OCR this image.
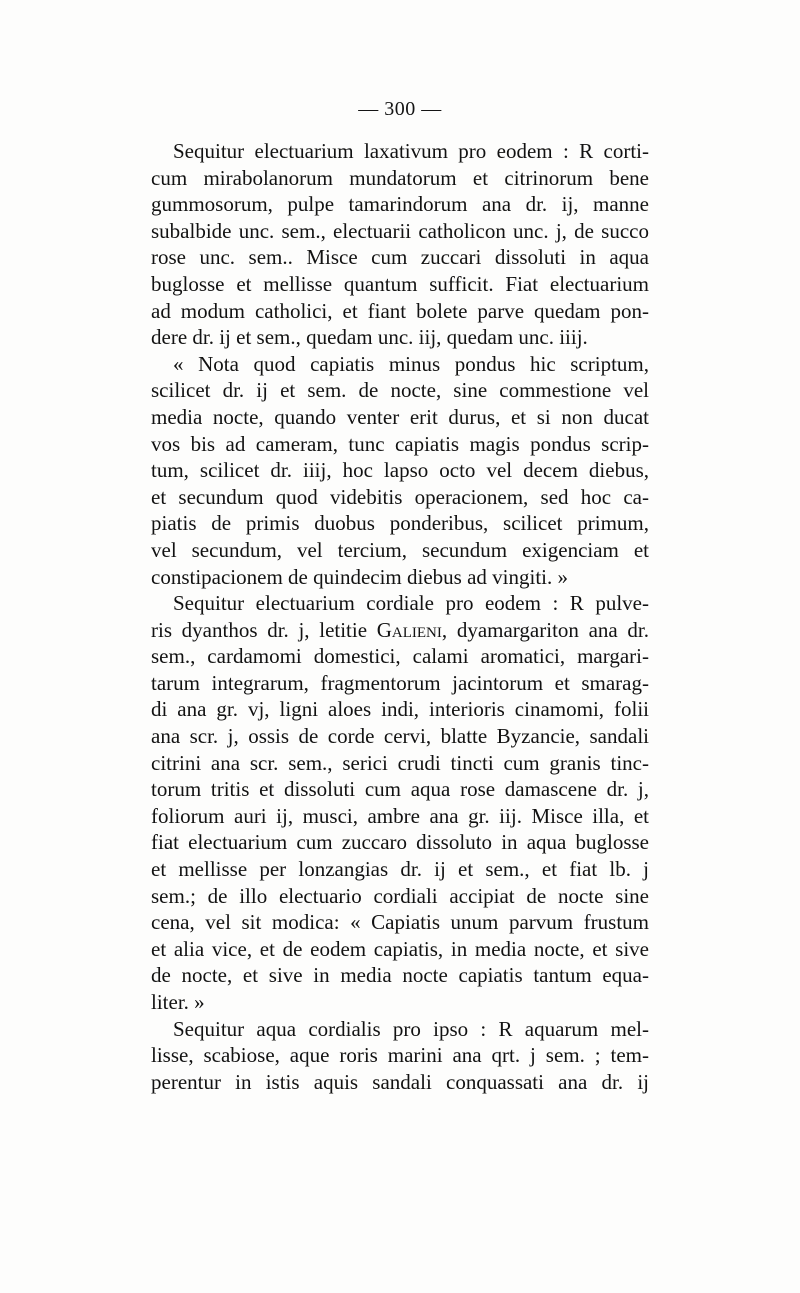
— 300 —
Sequitur electuarium laxativum pro eodem : R corti-
cum mirabolanorum mundatorum et citrinorum bene
gummosorum, pulpe tamarindorum ana dr. ij, manne
subalbide unc. sem., electuarii catholicon unc. j, de succo
rose unc. sem.. Misce cum zuccari dissoluti in aqua
buglosse et mellisse quantum sufficit. Fiat electuarium
ad modum catholici, et fiant bolete parve quedam pon-
dere dr. ij et sem., quedam unc. iij, quedam unc. iiij.
« Nota quod capiatis minus pondus hic scriptum,
scilicet dr. ij et sem. de nocte, sine commestione vel
media nocte, quando venter erit durus, et si non ducat
vos bis ad cameram, tunc capiatis magis pondus scrip-
tum, scilicet dr. iiij, hoc lapso octo vel decem diebus,
et secundum quod videbitis operacionem, sed hoc ca-
piatis de primis duobus ponderibus, scilicet primum,
vel secundum, vel tercium, secundum exigenciam et
constipacionem de quindecim diebus ad vingiti. »
Sequitur electuarium cordiale pro eodem : R pulve-
ris dyanthos dr. j, letitie Galieni, dyamargariton ana dr.
sem., cardamomi domestici, calami aromatici, margari-
tarum integrarum, fragmentorum jacintorum et smarag-
di ana gr. vj, ligni aloes indi, interioris cinamomi, folii
ana scr. j, ossis de corde cervi, blatte Byzancie, sandali
citrini ana scr. sem., serici crudi tincti cum granis tinc-
torum tritis et dissoluti cum aqua rose damascene dr. j,
foliorum auri ij, musci, ambre ana gr. iij. Misce illa, et
fiat electuarium cum zuccaro dissoluto in aqua buglosse
et mellisse per lonzangias dr. ij et sem., et fiat lb. j
sem.; de illo electuario cordiali accipiat de nocte sine
cena, vel sit modica: « Capiatis unum parvum frustum
et alia vice, et de eodem capiatis, in media nocte, et sive
de nocte, et sive in media nocte capiatis tantum equa-
liter. »
Sequitur aqua cordialis pro ipso : R aquarum mel-
lisse, scabiose, aque roris marini ana qrt. j sem. ; tem-
perentur in istis aquis sandali conquassati ana dr. ij
